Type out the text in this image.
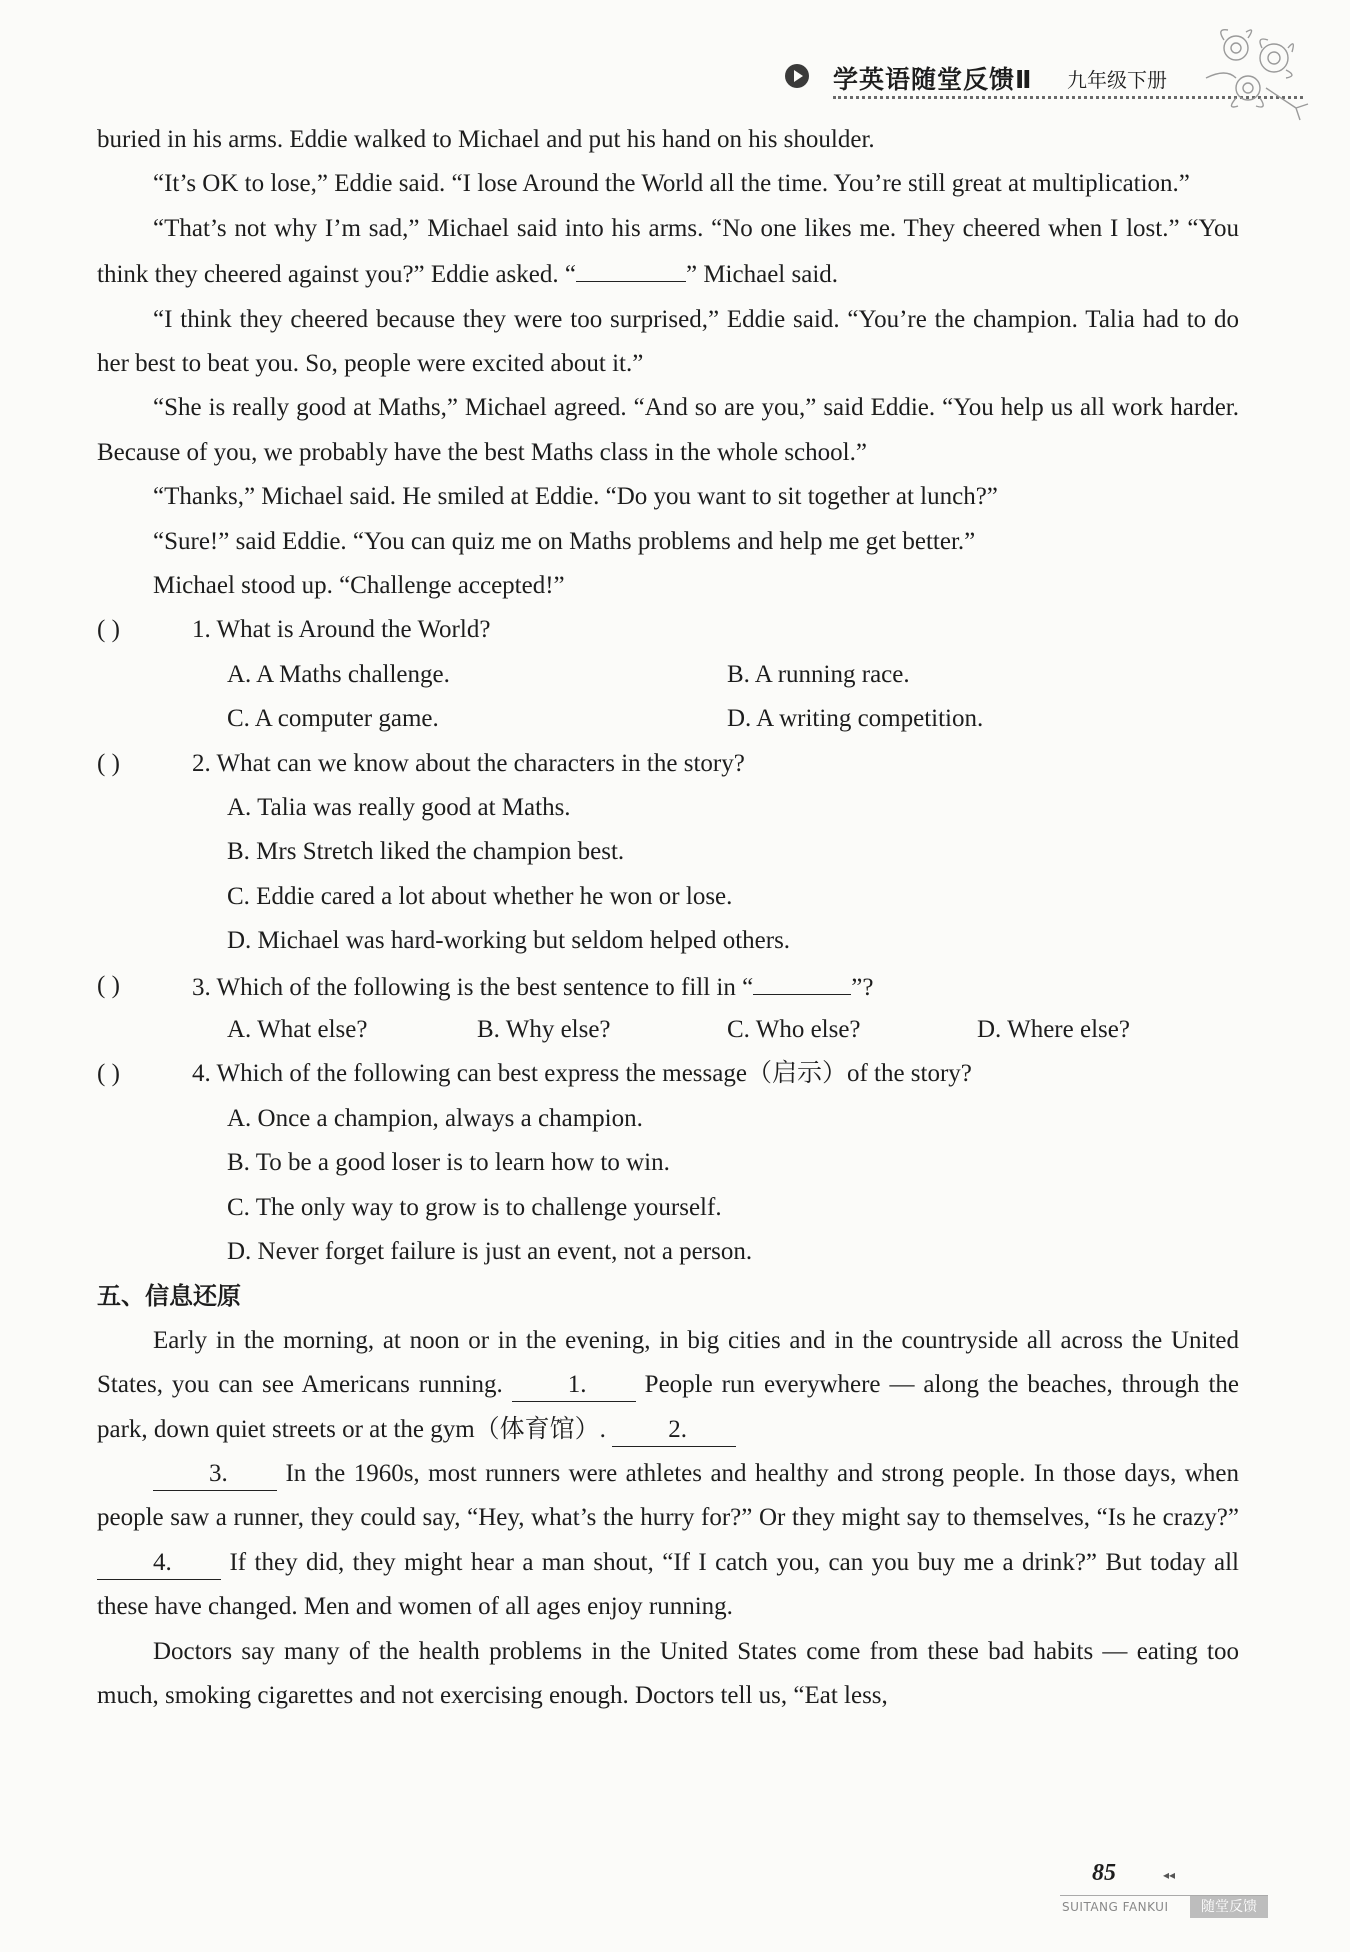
学英语随堂反馈Ⅱ 九年级下册

buried in his arms. Eddie walked to Michael and put his hand on his shoulder.

“It’s OK to lose,” Eddie said. “I lose Around the World all the time. You’re still great at multiplication.”

“That’s not why I’m sad,” Michael said into his arms. “No one likes me. They cheered when I lost.” “You think they cheered against you?” Eddie asked. “	” Michael said.

“I think they cheered because they were too surprised,” Eddie said. “You’re the champion. Talia had to do her best to beat you. So, people were excited about it.”

“She is really good at Maths,” Michael agreed. “And so are you,” said Eddie. “You help us all work harder. Because of you, we probably have the best Maths class in the whole school.”

“Thanks,” Michael said. He smiled at Eddie. “Do you want to sit together at lunch?”

“Sure!” said Eddie. “You can quiz me on Maths problems and help me get better.”

Michael stood up. “Challenge accepted!”

( )	1. What is Around the World?
A. A Maths challenge.	B. A running race.
C. A computer game.	D. A writing competition.
( )	2. What can we know about the characters in the story?
A. Talia was really good at Maths.
B. Mrs Stretch liked the champion best.
C. Eddie cared a lot about whether he won or lose.
D. Michael was hard-working but seldom helped others.
( )	3. Which of the following is the best sentence to fill in “	”?
A. What else?	B. Why else?	C. Who else?	D. Where else?
( )	4. Which of the following can best express the message（启示）of the story?
A. Once a champion, always a champion.
B. To be a good loser is to learn how to win.
C. The only way to grow is to challenge yourself.
D. Never forget failure is just an event, not a person.
五、信息还原

Early in the morning, at noon or in the evening, in big cities and in the countryside all across the United States, you can see Americans running. 1. People run everywhere — along the beaches, through the park, down quiet streets or at the gym（体育馆）. 2.

3. In the 1960s, most runners were athletes and healthy and strong people. In those days, when people saw a runner, they could say, “Hey, what’s the hurry for?” Or they might say to themselves, “Is he crazy?” 4. If they did, they might hear a man shout, “If I catch you, can you buy me a drink?” But today all these have changed. Men and women of all ages enjoy running.

Doctors say many of the health problems in the United States come from these bad habits — eating too much, smoking cigarettes and not exercising enough. Doctors tell us, “Eat less,

85	◂◂
SUITANG FANKUI	随堂反馈
